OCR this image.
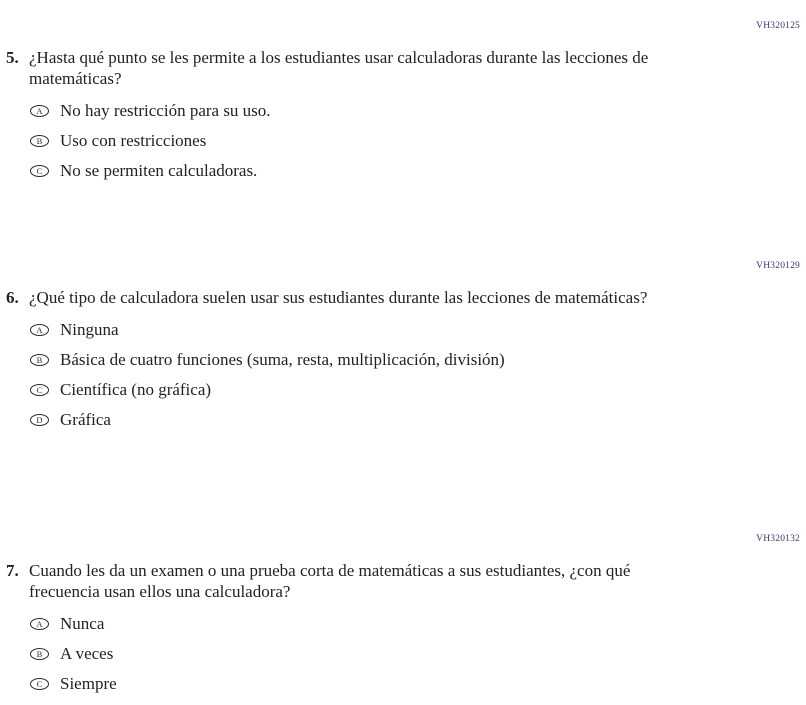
VH320125
5. ¿Hasta qué punto se les permite a los estudiantes usar calculadoras durante las lecciones de matemáticas?

A No hay restricción para su uso.
B Uso con restricciones
C No se permiten calculadoras.
VH320129
6. ¿Qué tipo de calculadora suelen usar sus estudiantes durante las lecciones de matemáticas?

A Ninguna
B Básica de cuatro funciones (suma, resta, multiplicación, división)
C Científica (no gráfica)
D Gráfica
VH320132
7. Cuando les da un examen o una prueba corta de matemáticas a sus estudiantes, ¿con qué frecuencia usan ellos una calculadora?

A Nunca
B A veces
C Siempre
